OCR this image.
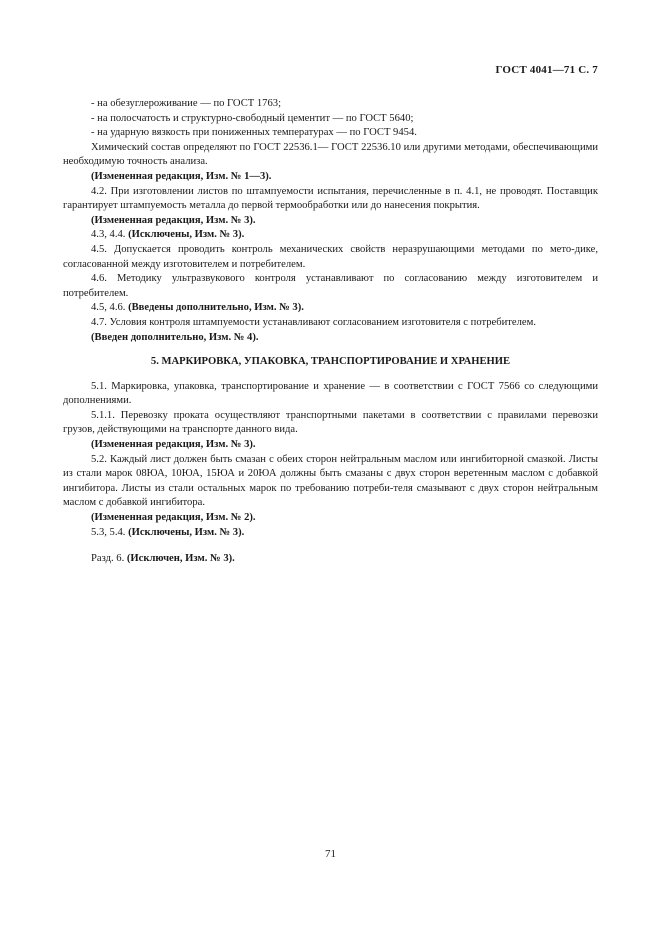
ГОСТ 4041—71 С. 7

- на обезуглероживание — по ГОСТ 1763;

- на полосчатость и структурно-свободный цементит — по ГОСТ 5640;

- на ударную вязкость при пониженных температурах — по ГОСТ 9454.

Химический состав определяют по ГОСТ 22536.1— ГОСТ 22536.10 или другими методами, обеспечивающими необходимую точность анализа.

(Измененная редакция, Изм. № 1—3).

4.2. При изготовлении листов по штампуемости испытания, перечисленные в п. 4.1, не проводят. Поставщик гарантирует штампуемость металла до первой термообработки или до нанесения покрытия.

(Измененная редакция, Изм. № 3).

4.3, 4.4. (Исключены, Изм. № 3).

4.5. Допускается проводить контроль механических свойств неразрушающими методами по мето-дике, согласованной между изготовителем и потребителем.

4.6. Методику ультразвукового контроля устанавливают по согласованию между изготовителем и потребителем.

4.5, 4.6. (Введены дополнительно, Изм. № 3).

4.7. Условия контроля штампуемости устанавливают согласованием изготовителя с потребителем.

(Введен дополнительно, Изм. № 4).

5. МАРКИРОВКА, УПАКОВКА, ТРАНСПОРТИРОВАНИЕ И ХРАНЕНИЕ

5.1. Маркировка, упаковка, транспортирование и хранение — в соответствии с ГОСТ 7566 со следующими дополнениями.

5.1.1. Перевозку проката осуществляют транспортными пакетами в соответствии с правилами перевозки грузов, действующими на транспорте данного вида.

(Измененная редакция, Изм. № 3).

5.2. Каждый лист должен быть смазан с обеих сторон нейтральным маслом или ингибиторной смазкой. Листы из стали марок 08ЮА, 10ЮА, 15ЮА и 20ЮА должны быть смазаны с двух сторон веретенным маслом с добавкой ингибитора. Листы из стали остальных марок по требованию потреби-теля смазывают с двух сторон нейтральным маслом с добавкой ингибитора.

(Измененная редакция, Изм. № 2).

5.3, 5.4. (Исключены, Изм. № 3).

Разд. 6. (Исключен, Изм. № 3).

71
